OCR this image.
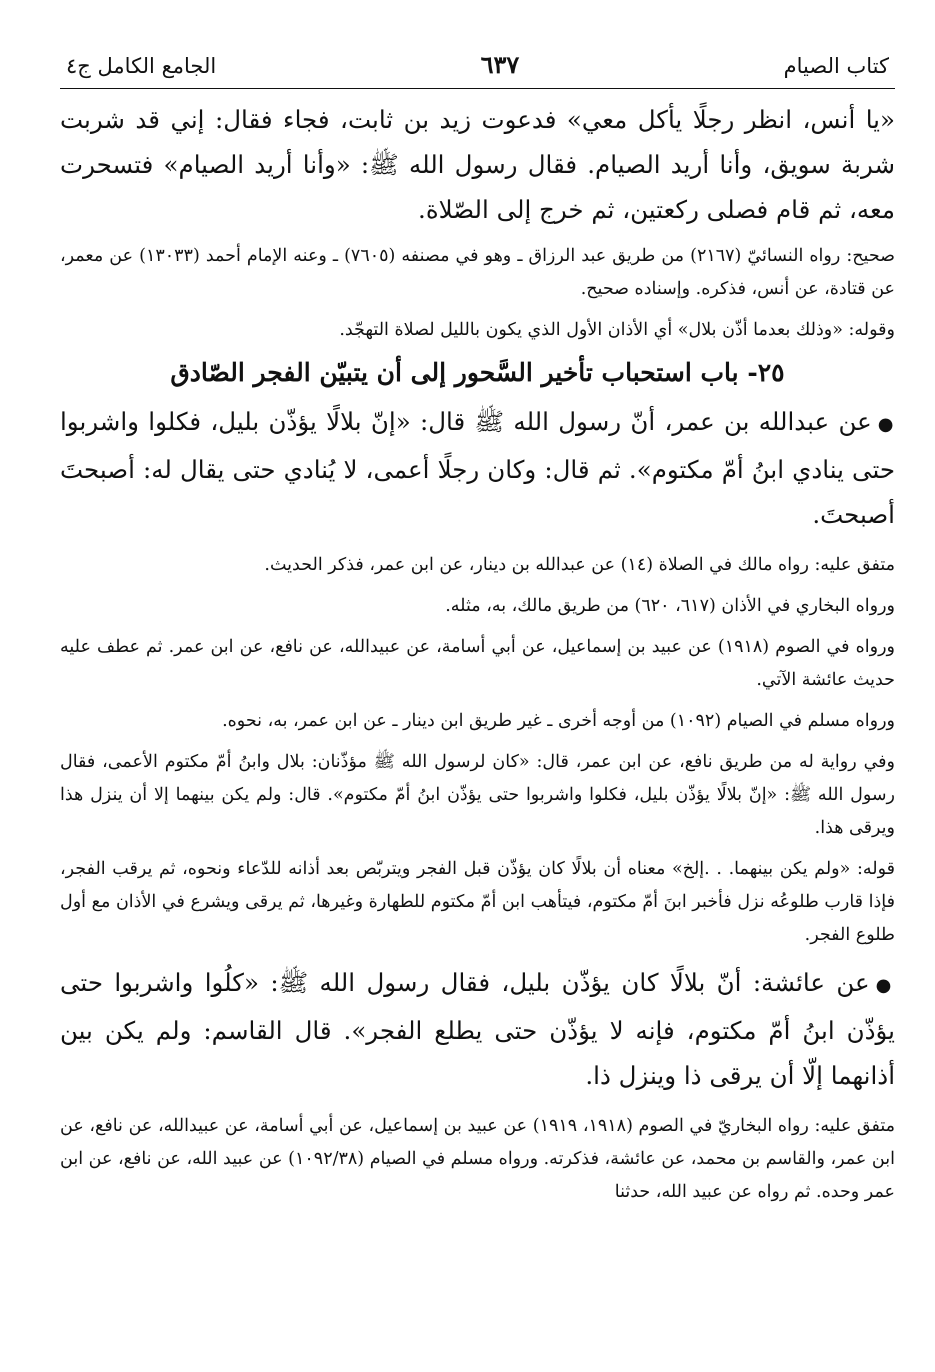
كتاب الصيام
٦٣٧
الجامع الكامل ج٤

«يا أنس، انظر رجلًا يأكل معي» فدعوت زيد بن ثابت، فجاء فقال: إني قد شربت شربة سويق، وأنا أريد الصيام. فقال رسول الله ﷺ: «وأنا أريد الصيام» فتسحرت معه، ثم قام فصلى ركعتين، ثم خرج إلى الصّلاة.

صحيح: رواه النسائيّ (٢١٦٧) من طريق عبد الرزاق ـ وهو في مصنفه (٧٦٠٥) ـ وعنه الإمام أحمد (١٣٠٣٣) عن معمر، عن قتادة، عن أنس، فذكره. وإسناده صحيح.

وقوله: «وذلك بعدما أذّن بلال» أي الأذان الأول الذي يكون بالليل لصلاة التهجّد.

٢٥- باب استحباب تأخير السَّحور إلى أن يتبيّن الفجر الصّادق

●عن عبدالله بن عمر، أنّ رسول الله ﷺ قال: «إنّ بلالًا يؤذّن بليل، فكلوا واشربوا حتى ينادي ابنُ أمّ مكتوم». ثم قال: وكان رجلًا أعمى، لا يُنادي حتى يقال له: أصبحتَ أصبحتَ.

متفق عليه: رواه مالك في الصلاة (١٤) عن عبدالله بن دينار، عن ابن عمر، فذكر الحديث.

ورواه البخاري في الأذان (٦١٧، ٦٢٠) من طريق مالك، به، مثله.

ورواه في الصوم (١٩١٨) عن عبيد بن إسماعيل، عن أبي أسامة، عن عبيدالله، عن نافع، عن ابن عمر. ثم عطف عليه حديث عائشة الآتي.

ورواه مسلم في الصيام (١٠٩٢) من أوجه أخرى ـ غير طريق ابن دينار ـ عن ابن عمر، به، نحوه.

وفي رواية له من طريق نافع، عن ابن عمر، قال: «كان لرسول الله ﷺ مؤذّنان: بلال وابنُ أمّ مكتوم الأعمى، فقال رسول الله ﷺ: «إنّ بلالًا يؤذّن بليل، فكلوا واشربوا حتى يؤذّن ابنُ أمّ مكتوم». قال: ولم يكن بينهما إلا أن ينزل هذا ويرقى هذا.

قوله: «ولم يكن بينهما. . .إلخ» معناه أن بلالًا كان يؤذّن قبل الفجر ويتربّص بعد أذانه للدّعاء ونحوه، ثم يرقب الفجر، فإذا قارب طلوعُه نزل فأخبر ابنَ أمّ مكتوم، فيتأهب ابن أمّ مكتوم للطهارة وغيرها، ثم يرقى ويشرع في الأذان مع أول طلوع الفجر.

●عن عائشة: أنّ بلالًا كان يؤذّن بليل، فقال رسول الله ﷺ: «كلُوا واشربوا حتى يؤذّن ابنُ أمّ مكتوم، فإنه لا يؤذّن حتى يطلع الفجر». قال القاسم: ولم يكن بين أذانهما إلّا أن يرقى ذا وينزل ذا.

متفق عليه: رواه البخاريّ في الصوم (١٩١٨، ١٩١٩) عن عبيد بن إسماعيل، عن أبي أسامة، عن عبيدالله، عن نافع، عن ابن عمر، والقاسم بن محمد، عن عائشة، فذكرته. ورواه مسلم في الصيام (١٠٩٢/٣٨) عن عبيد الله، عن نافع، عن ابن عمر وحده. ثم رواه عن عبيد الله، حدثنا
